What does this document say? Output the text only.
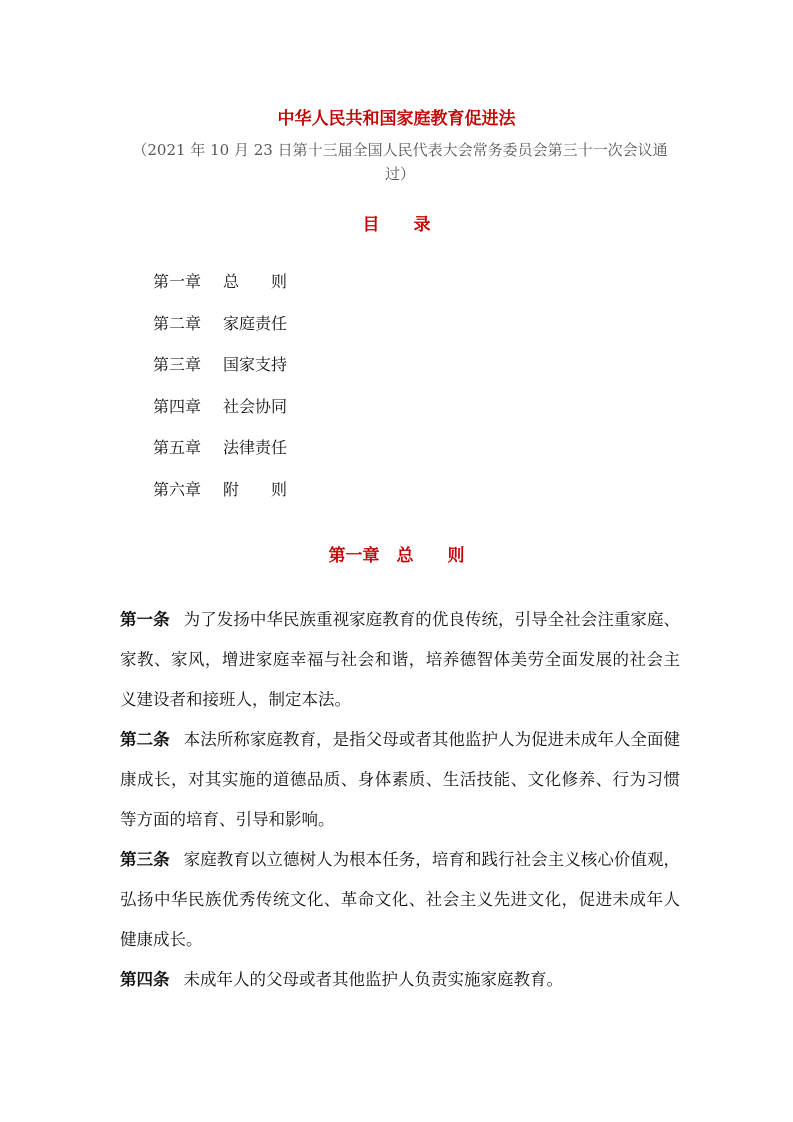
中华人民共和国家庭教育促进法
（2021 年 10 月 23 日第十三届全国人民代表大会常务委员会第三十一次会议通过）
目 录
第一章 总　　则
第二章 家庭责任
第三章 国家支持
第四章 社会协同
第五章 法律责任
第六章 附　　则
第一章　总　　则

第一条 为了发扬中华民族重视家庭教育的优良传统，引导全社会注重家庭、家教、家风，增进家庭幸福与社会和谐，培养德智体美劳全面发展的社会主义建设者和接班人，制定本法。

第二条 本法所称家庭教育，是指父母或者其他监护人为促进未成年人全面健康成长，对其实施的道德品质、身体素质、生活技能、文化修养、行为习惯等方面的培育、引导和影响。

第三条 家庭教育以立德树人为根本任务，培育和践行社会主义核心价值观，弘扬中华民族优秀传统文化、革命文化、社会主义先进文化，促进未成年人健康成长。

第四条 未成年人的父母或者其他监护人负责实施家庭教育。
